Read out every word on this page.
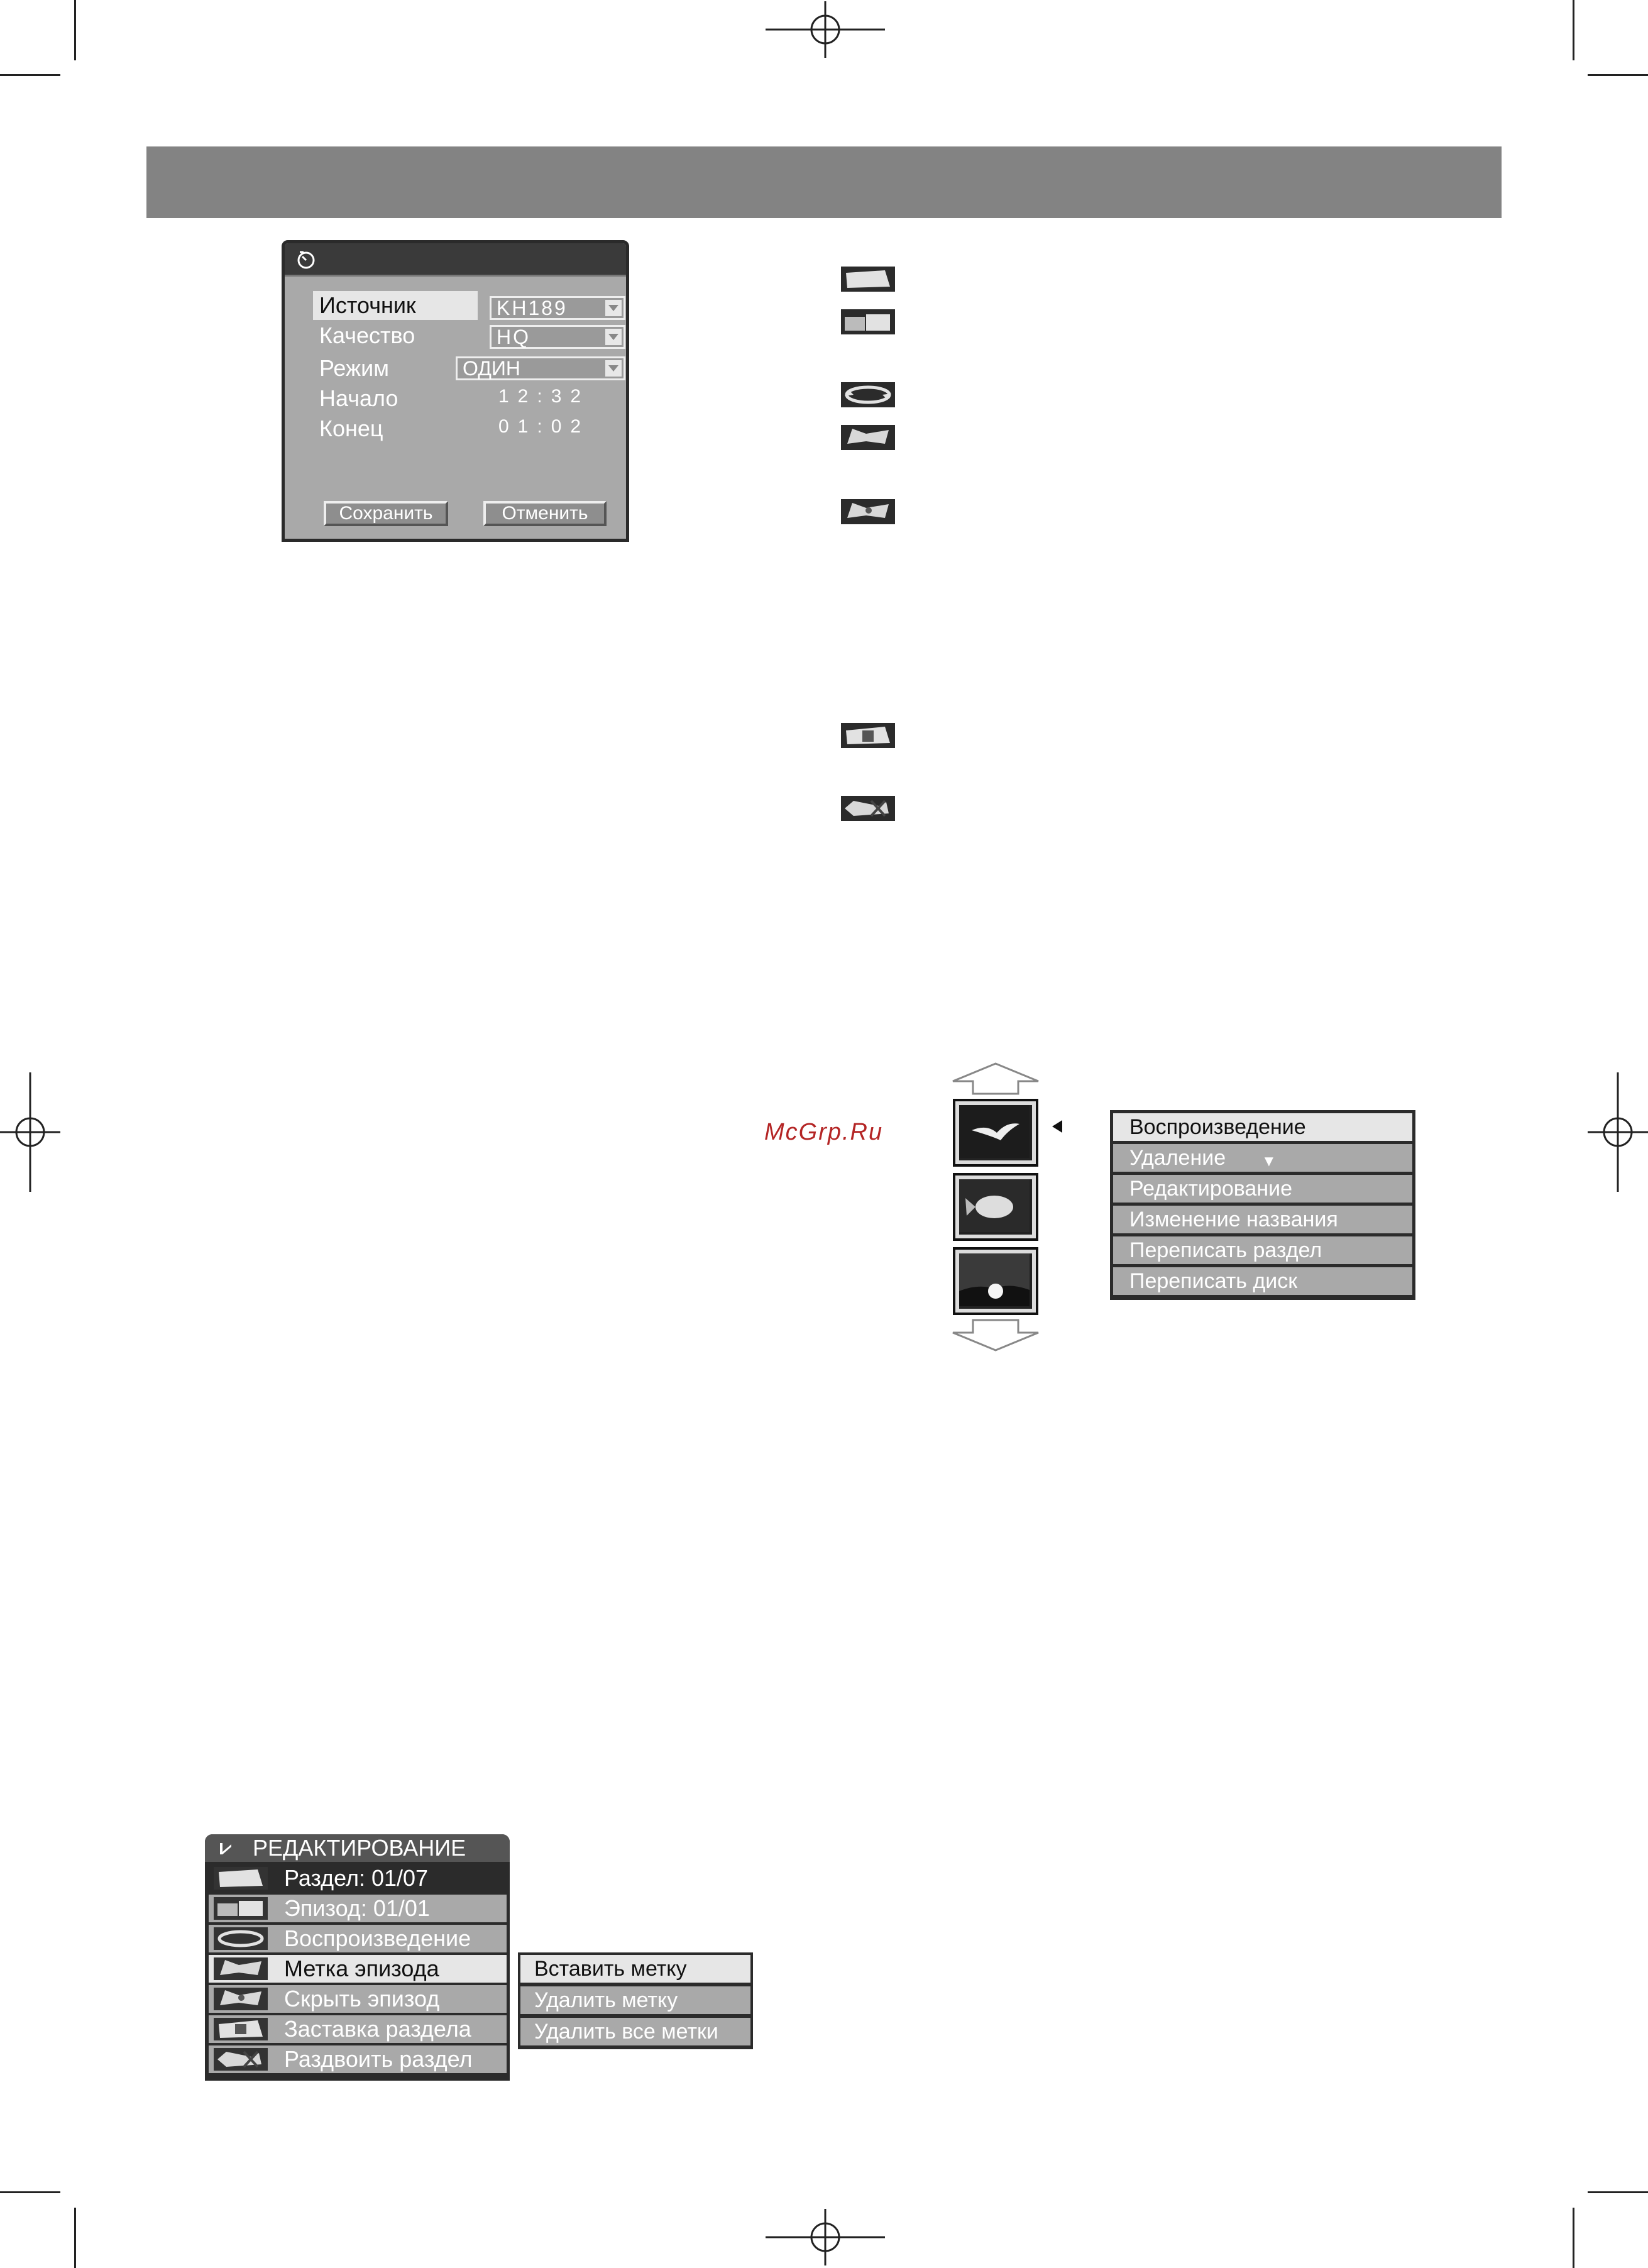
Источник	KH189
Качество	HQ
Режим	ОДИН
Начало	12:32
Конец	01:02
Сохранить	Отменить
McGrp.Ru	Воспроизведение
Удаление ▼
Редактирование
Изменение названия
Переписать раздел
Переписать диск
РЕДАКТИРОВАНИЕ
Раздел: 01/07
Эпизод: 01/01
Воспроизведение
Метка эпизода
Скрыть эпизод
Заставка раздела
Раздвоить раздел
Вставить метку
Удалить метку
Удалить все метки
